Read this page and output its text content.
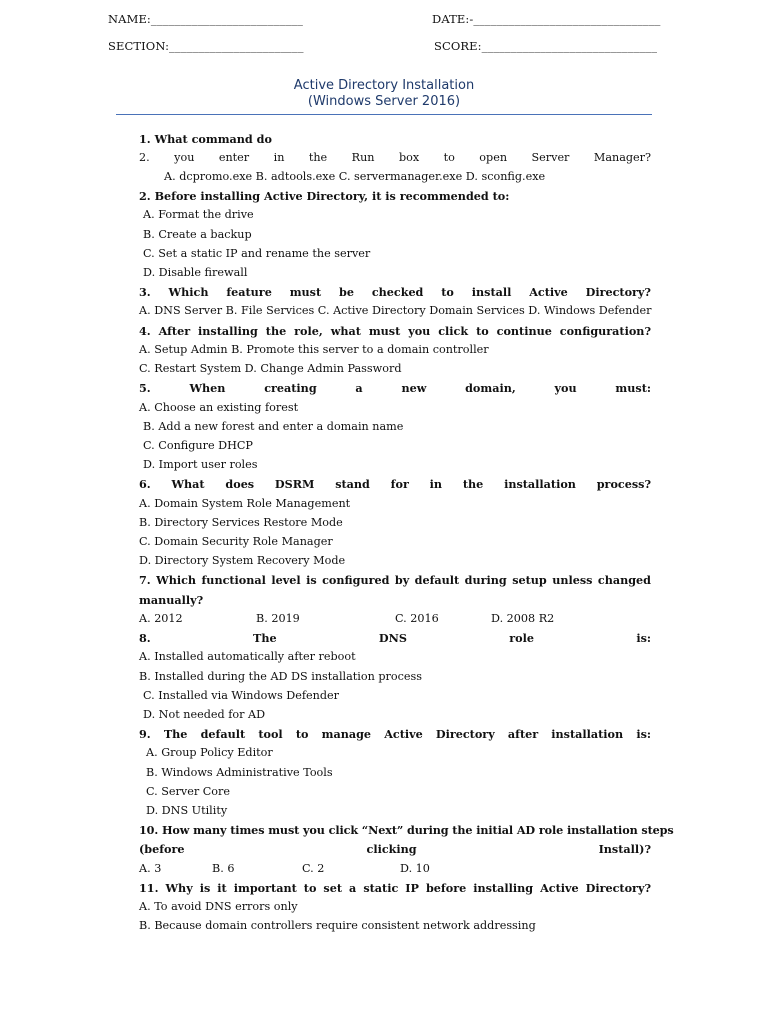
NAME:__________________________	DATE:-________________________________
SECTION:_______________________	SCORE:______________________________
Active Directory Installation
(Windows Server 2016)
1. What command do
2. you enter in the Run box to open Server Manager?
A. dcpromo.exe B. adtools.exe C. servermanager.exe D. sconfig.exe
2. Before installing Active Directory, it is recommended to:
A. Format the drive
B. Create a backup
C. Set a static IP and rename the server
D. Disable firewall
3. Which feature must be checked to install Active Directory?
A. DNS Server B. File Services C. Active Directory Domain Services D. Windows Defender
4. After installing the role, what must you click to continue configuration?
A. Setup Admin B. Promote this server to a domain controller
C. Restart System D. Change Admin Password
5. When creating a new domain, you must:
A. Choose an existing forest
B. Add a new forest and enter a domain name
C. Configure DHCP
D. Import user roles
6. What does DSRM stand for in the installation process?
A. Domain System Role Management
B. Directory Services Restore Mode
C. Domain Security Role Manager
D. Directory System Recovery Mode
7. Which functional level is configured by default during setup unless changed
manually?
A. 2012	B. 2019	C. 2016	D. 2008 R2
8. The DNS role is:
A. Installed automatically after reboot
B. Installed during the AD DS installation process
C. Installed via Windows Defender
D. Not needed for AD
9. The default tool to manage Active Directory after installation is:
A. Group Policy Editor
B. Windows Administrative Tools
C. Server Core
D. DNS Utility
10. How many times must you click “Next” during the initial AD role installation steps
(before clicking Install)?
A. 3	B. 6	C. 2	D. 10
11. Why is it important to set a static IP before installing Active Directory?
A. To avoid DNS errors only
B. Because domain controllers require consistent network addressing
